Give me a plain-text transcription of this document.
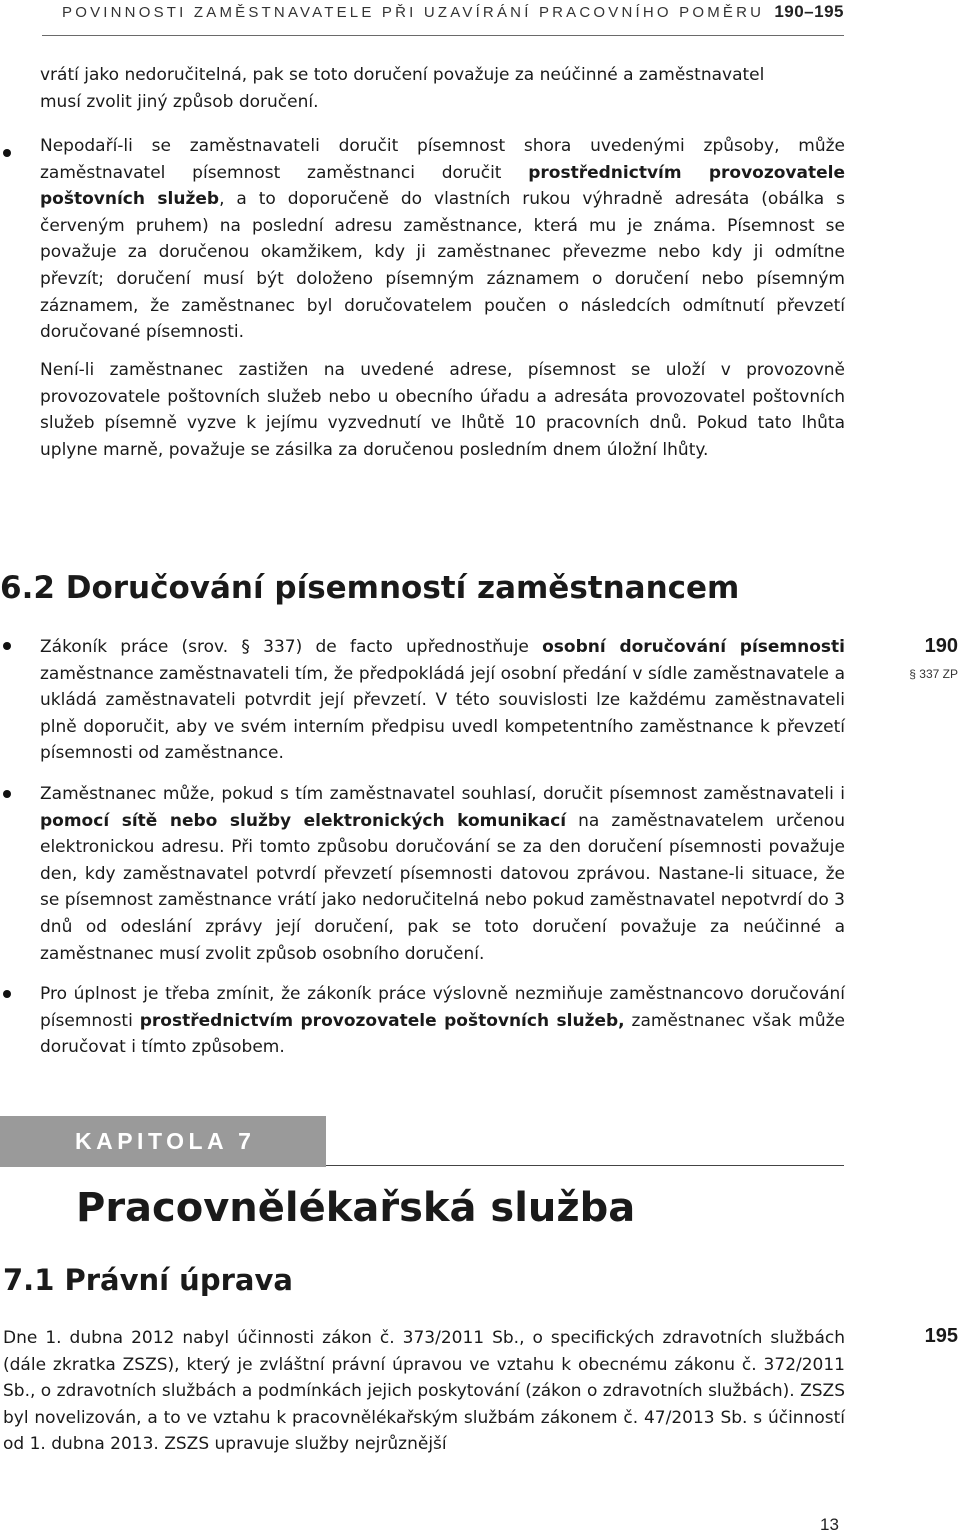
POVINNOSTI ZAMĚSTNAVATELE PŘI UZAVÍRÁNÍ PRACOVNÍHO POMĚRU 190–195
vrátí jako nedoručitelná, pak se toto doručení považuje za neúčinné a zaměstnavatel
musí zvolit jiný způsob doručení.
Nepodaří-li se zaměstnavateli doručit písemnost shora uvedenými způsoby, může zaměstnavatel písemnost zaměstnanci doručit prostřednictvím provozovatele poštovních služeb, a to doporučeně do vlastních rukou výhradně adresáta (obálka s červeným pruhem) na poslední adresu zaměstnance, která mu je známa. Písemnost se považuje za doručenou okamžikem, kdy ji zaměstnanec převezme nebo kdy ji odmítne převzít; doručení musí být doloženo písemným záznamem o doručení nebo písemným záznamem, že zaměstnanec byl doručovatelem poučen o následcích odmítnutí převzetí doručované písemnosti.
Není-li zaměstnanec zastižen na uvedené adrese, písemnost se uloží v provozovně provozovatele poštovních služeb nebo u obecního úřadu a adresáta provozovatel poštovních služeb písemně vyzve k jejímu vyzvednutí ve lhůtě 10 pracovních dnů. Pokud tato lhůta uplyne marně, považuje se zásilka za doručenou posledním dnem úložní lhůty.
6.2 Doručování písemností zaměstnancem
Zákoník práce (srov. § 337) de facto upřednostňuje osobní doručování písemnosti zaměstnance zaměstnavateli tím, že předpokládá její osobní předání v sídle zaměstnavatele a ukládá zaměstnavateli potvrdit její převzetí. V této souvislosti lze každému zaměstnavateli plně doporučit, aby ve svém interním předpisu uvedl kompetentního zaměstnance k převzetí písemnosti od zaměstnance.
190
§ 337 ZP
Zaměstnanec může, pokud s tím zaměstnavatel souhlasí, doručit písemnost zaměstnavateli i pomocí sítě nebo služby elektronických komunikací na zaměstnavatelem určenou elektronickou adresu. Při tomto způsobu doručování se za den doručení písemnosti považuje den, kdy zaměstnavatel potvrdí převzetí písemnosti datovou zprávou. Nastane-li situace, že se písemnost zaměstnance vrátí jako nedoručitelná nebo pokud zaměstnavatel nepotvrdí do 3 dnů od odeslání zprávy její doručení, pak se toto doručení považuje za neúčinné a zaměstnanec musí zvolit způsob osobního doručení.
Pro úplnost je třeba zmínit, že zákoník práce výslovně nezmiňuje zaměstnancovo doručování písemnosti prostřednictvím provozovatele poštovních služeb, zaměstnanec však může doručovat i tímto způsobem.
KAPITOLA 7
Pracovnělékařská služba
7.1 Právní úprava
Dne 1. dubna 2012 nabyl účinnosti zákon č. 373/2011 Sb., o specifických zdravotních službách (dále zkratka ZSZS), který je zvláštní právní úpravou ve vztahu k obecnému zákonu č. 372/2011 Sb., o zdravotních službách a podmínkách jejich poskytování (zákon o zdravotních službách). ZSZS byl novelizován, a to ve vztahu k pracovnělékařským službám zákonem č. 47/2013 Sb. s účinností od 1. dubna 2013. ZSZS upravuje služby nejrůznější
195
13
